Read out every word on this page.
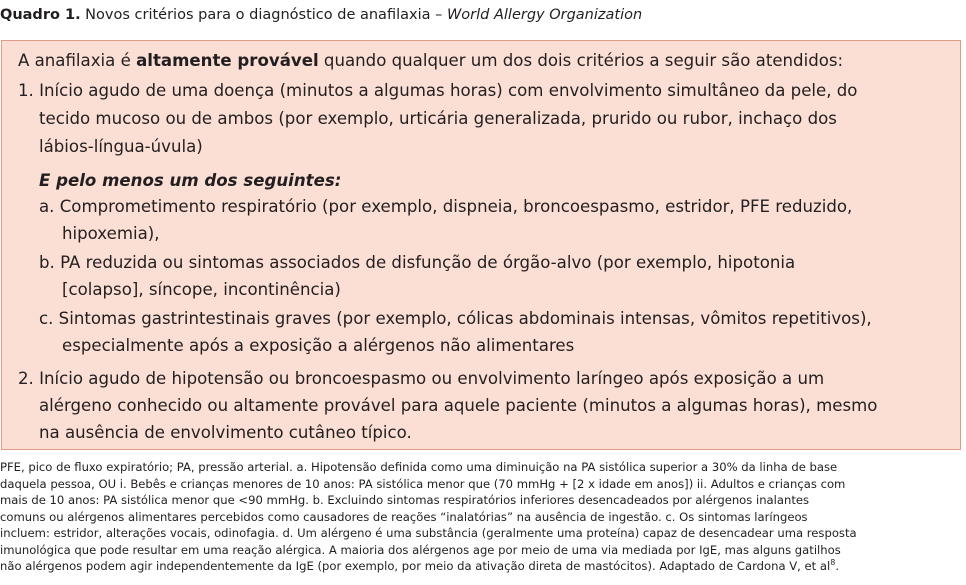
Quadro 1. Novos critérios para o diagnóstico de anafilaxia – World Allergy Organization
A anafilaxia é altamente provável quando qualquer um dos dois critérios a seguir são atendidos:
1. Início agudo de uma doença (minutos a algumas horas) com envolvimento simultâneo da pele, do
tecido mucoso ou de ambos (por exemplo, urticária generalizada, prurido ou rubor, inchaço dos
lábios-língua-úvula)
E pelo menos um dos seguintes:
a. Comprometimento respiratório (por exemplo, dispneia, broncoespasmo, estridor, PFE reduzido,
hipoxemia),
b. PA reduzida ou sintomas associados de disfunção de órgão-alvo (por exemplo, hipotonia
[colapso], síncope, incontinência)
c. Sintomas gastrintestinais graves (por exemplo, cólicas abdominais intensas, vômitos repetitivos),
especialmente após a exposição a alérgenos não alimentares
2. Início agudo de hipotensão ou broncoespasmo ou envolvimento laríngeo após exposição a um
alérgeno conhecido ou altamente provável para aquele paciente (minutos a algumas horas), mesmo
na ausência de envolvimento cutâneo típico.
PFE, pico de fluxo expiratório; PA, pressão arterial. a. Hipotensão definida como uma diminuição na PA sistólica superior a 30% da linha de base
daquela pessoa, OU i. Bebês e crianças menores de 10 anos: PA sistólica menor que (70 mmHg + [2 x idade em anos]) ii. Adultos e crianças com
mais de 10 anos: PA sistólica menor que <90 mmHg. b. Excluindo sintomas respiratórios inferiores desencadeados por alérgenos inalantes
comuns ou alérgenos alimentares percebidos como causadores de reações “inalatórias” na ausência de ingestão. c. Os sintomas laríngeos
incluem: estridor, alterações vocais, odinofagia. d. Um alérgeno é uma substância (geralmente uma proteína) capaz de desencadear uma resposta
imunológica que pode resultar em uma reação alérgica. A maioria dos alérgenos age por meio de uma via mediada por IgE, mas alguns gatilhos
não alérgenos podem agir independentemente da IgE (por exemplo, por meio da ativação direta de mastócitos). Adaptado de Cardona V, et $al^8$.
